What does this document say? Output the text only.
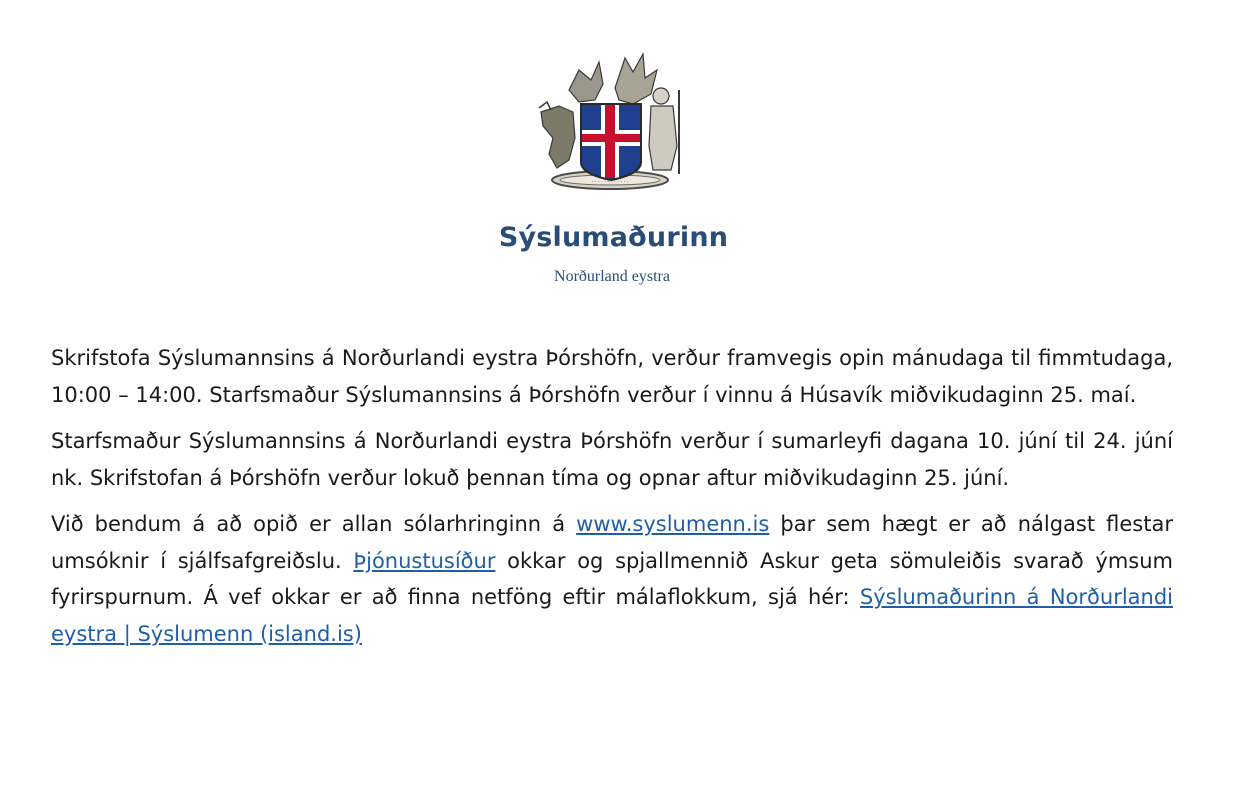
· · · · · · · · · · · ·
Sýslumaðurinn
Norðurland eystra

Skrifstofa Sýslumannsins á Norðurlandi eystra Þórshöfn, verður framvegis opin mánudaga til fimmtudaga, 10:00 – 14:00. Starfsmaður Sýslumannsins á Þórshöfn verður í vinnu á Húsavík miðvikudaginn 25. maí.

Starfsmaður Sýslumannsins á Norðurlandi eystra Þórshöfn verður í sumarleyfi dagana 10. júní til 24. júní nk. Skrifstofan á Þórshöfn verður lokuð þennan tíma og opnar aftur miðvikudaginn 25. júní.

Við bendum á að opið er allan sólarhringinn á www.syslumenn.is þar sem hægt er að nálgast flestar umsóknir í sjálfsafgreiðslu. Þjónustusíður okkar og spjallmennið Askur geta sömuleiðis svarað ýmsum fyrirspurnum. Á vef okkar er að finna netföng eftir málaflokkum, sjá hér: Sýslumaðurinn á Norðurlandi eystra | Sýslumenn (island.is)
